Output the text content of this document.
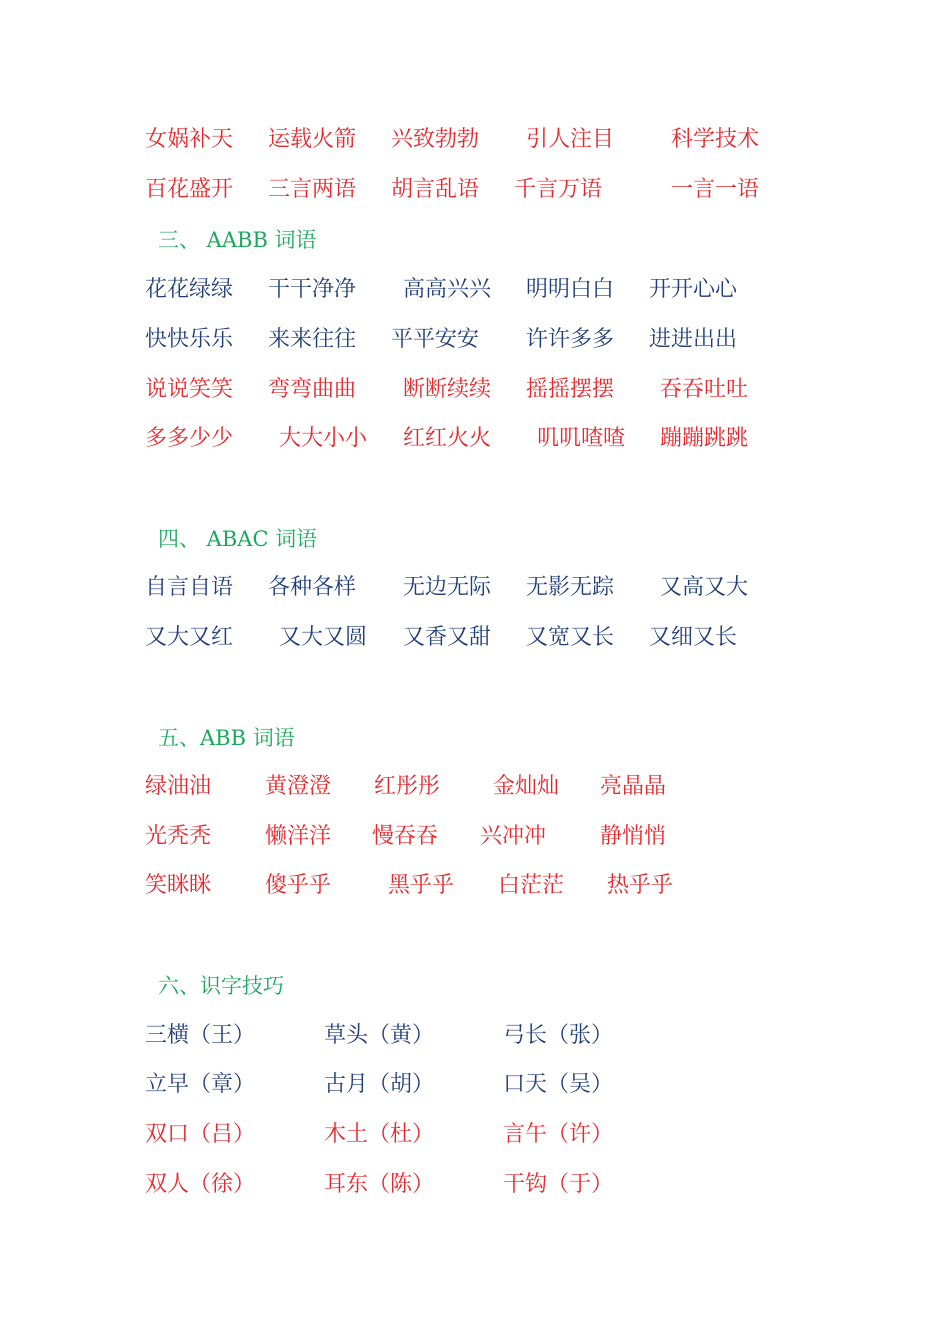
女娲补天 运载火箭 兴致勃勃 引人注目	科学技术
百花盛开 三言两语 胡言乱语 千言万语	一言一语
三、 AABB 词语
花花绿绿 干干净净 高高兴兴 明明白白 开开心心
快快乐乐 来来往往 平平安安 许许多多 进进出出
说说笑笑 弯弯曲曲 断断续续 摇摇摆摆 吞吞吐吐
多多少少 大大小小 红红火火 叽叽喳喳 蹦蹦跳跳
四、 ABAC 词语
自言自语 各种各样 无边无际 无影无踪 又高又大
又大又红 又大又圆 又香又甜 又宽又长 又细又长
五、ABB 词语
绿油油 黄澄澄 红彤彤 金灿灿 亮晶晶
光秃秃 懒洋洋 慢吞吞 兴冲冲 静悄悄
笑眯眯 傻乎乎	黑乎乎 白茫茫 热乎乎
六、识字技巧
三横（王）	草头（黄）	弓长（张）
立早（章）	古月（胡）	口天（吴）
双口（吕）	木土（杜）	言午（许）
双人（徐）	耳东（陈）	干钩（于）
